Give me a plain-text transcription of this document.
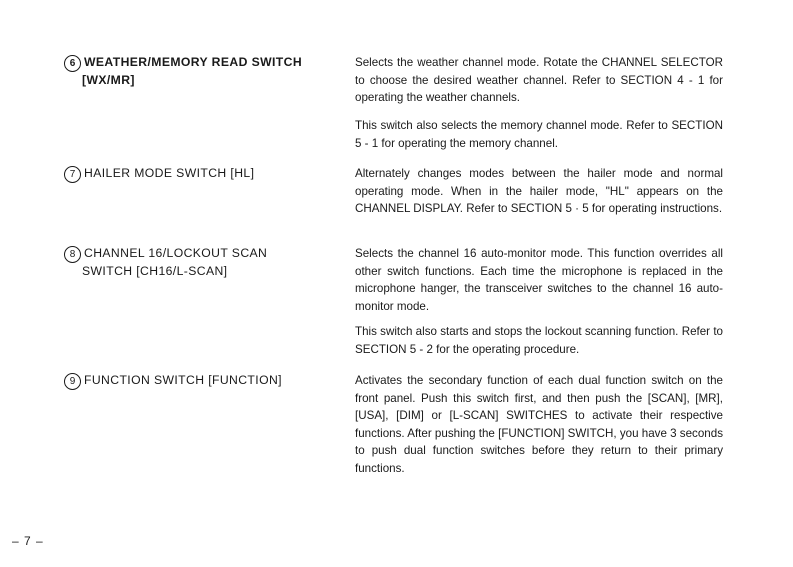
6 WEATHER/MEMORY READ SWITCH
[WX/MR]

Selects the weather channel mode. Rotate the CHANNEL SELECTOR to choose the desired weather channel. Refer to SECTION 4 - 1 for operating the weather channels.

This switch also selects the memory channel mode. Refer to SECTION 5 - 1 for operating the memory channel.

7 HAILER MODE SWITCH [HL]	Alternately changes modes between the hailer mode and normal operating mode. When in the hailer mode, "HL" appears on the CHANNEL DISPLAY. Refer to SECTION 5 · 5 for operating instructions.

8 CHANNEL 16/LOCKOUT SCAN
SWITCH [CH16/L-SCAN]

Selects the channel 16 auto-monitor mode. This function overrides all other switch functions. Each time the microphone is replaced in the microphone hanger, the transceiver switches to the channel 16 auto-monitor mode.

This switch also starts and stops the lockout scanning function. Refer to SECTION 5 - 2 for the operating procedure.

9 FUNCTION SWITCH [FUNCTION]	Activates the secondary function of each dual function switch on the front panel. Push this switch first, and then push the [SCAN], [MR], [USA], [DIM] or [L-SCAN] SWITCHES to activate their respective functions. After pushing the [FUNCTION] SWITCH, you have 3 seconds to push dual function switches before they return to their primary functions.

– 7 –
